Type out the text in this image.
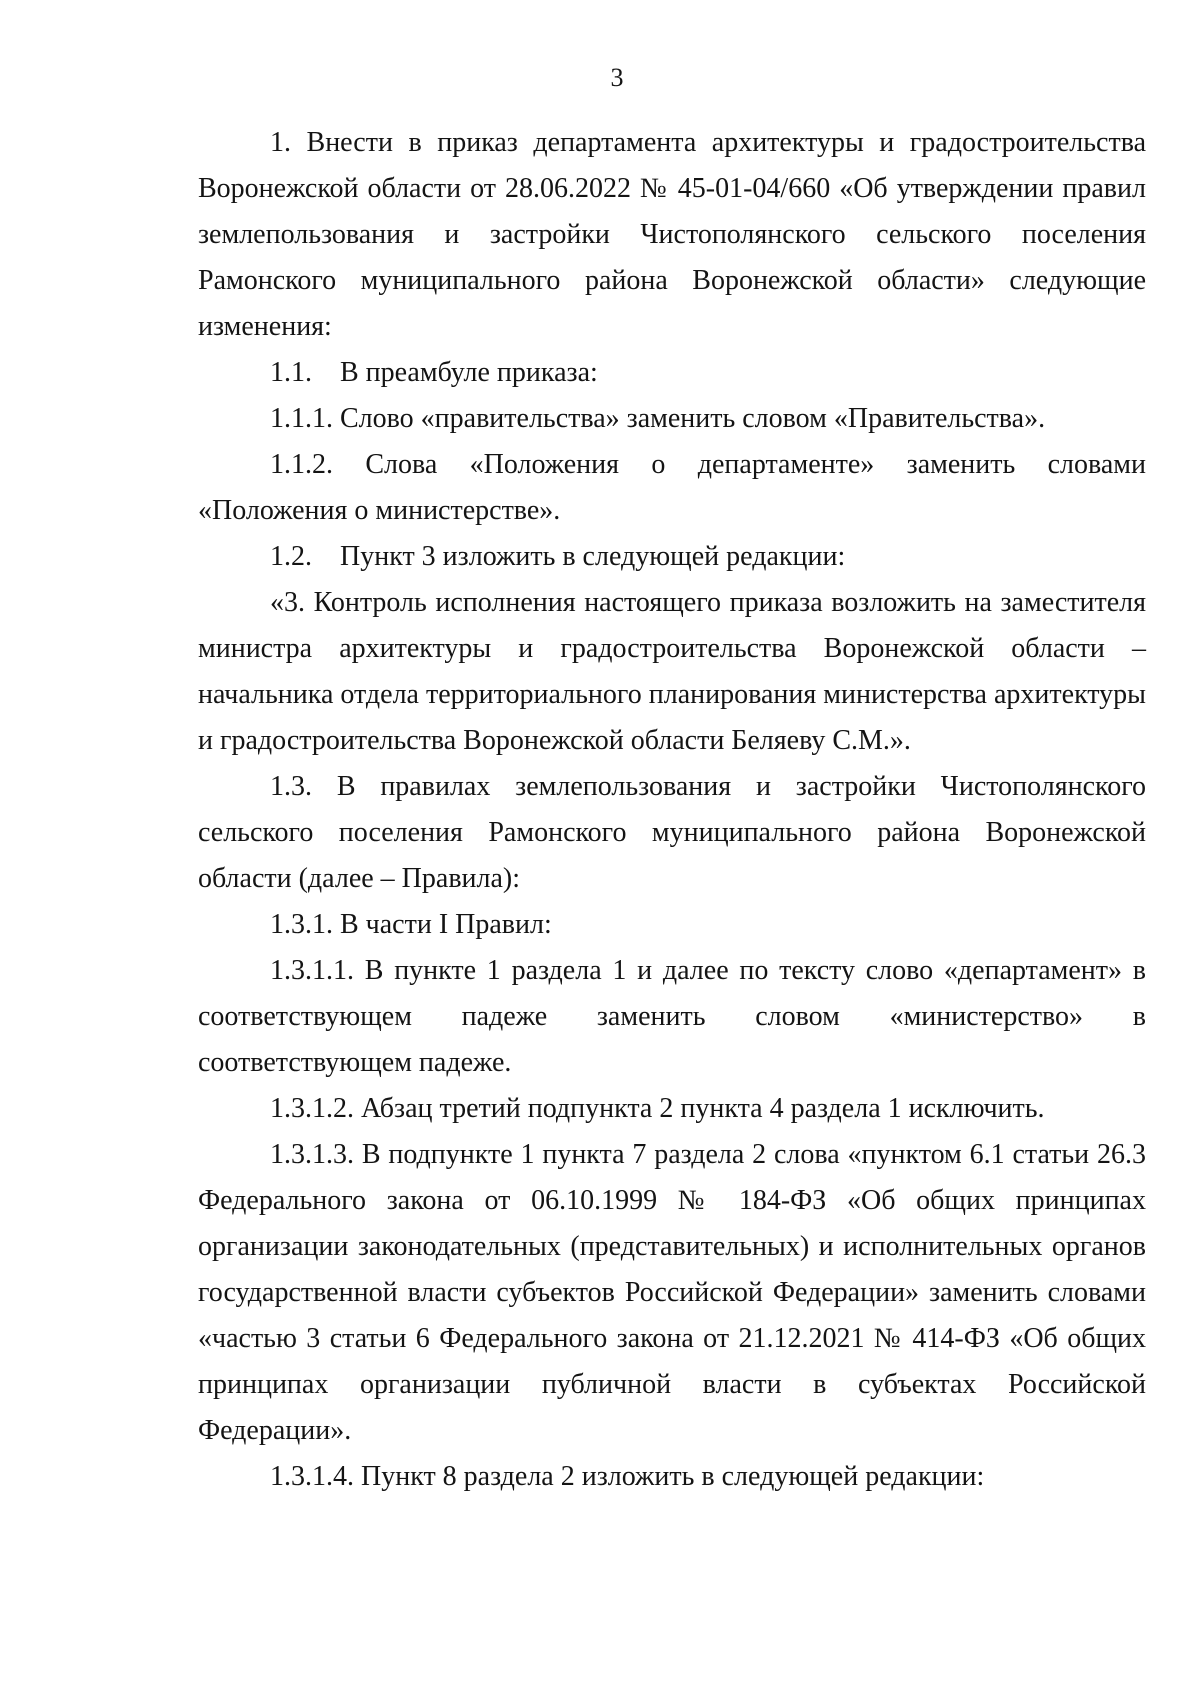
3

1. Внести в приказ департамента архитектуры и градостроительства Воронежской области от 28.06.2022 № 45-01-04/660 «Об утверждении правил землепользования и застройки Чистополянского сельского поселения Рамонского муниципального района Воронежской области» следующие изменения:

1.1. В преамбуле приказа:

1.1.1. Слово «правительства» заменить словом «Правительства».

1.1.2. Слова «Положения о департаменте» заменить словами «Положения о министерстве».

1.2. Пункт 3 изложить в следующей редакции:

«3. Контроль исполнения настоящего приказа возложить на заместителя министра архитектуры и градостроительства Воронежской области – начальника отдела территориального планирования министерства архитектуры и градостроительства Воронежской области Беляеву С.М.».

1.3. В правилах землепользования и застройки Чистополянского сельского поселения Рамонского муниципального района Воронежской области (далее – Правила):

1.3.1. В части I Правил:

1.3.1.1. В пункте 1 раздела 1 и далее по тексту слово «департамент» в соответствующем падеже заменить словом «министерство» в соответствующем падеже.

1.3.1.2. Абзац третий подпункта 2 пункта 4 раздела 1 исключить.

1.3.1.3. В подпункте 1 пункта 7 раздела 2 слова «пунктом 6.1 статьи 26.3 Федерального закона от 06.10.1999 № 184-ФЗ «Об общих принципах организации законодательных (представительных) и исполнительных органов государственной власти субъектов Российской Федерации» заменить словами «частью 3 статьи 6 Федерального закона от 21.12.2021 № 414-ФЗ «Об общих принципах организации публичной власти в субъектах Российской Федерации».

1.3.1.4. Пункт 8 раздела 2 изложить в следующей редакции:
